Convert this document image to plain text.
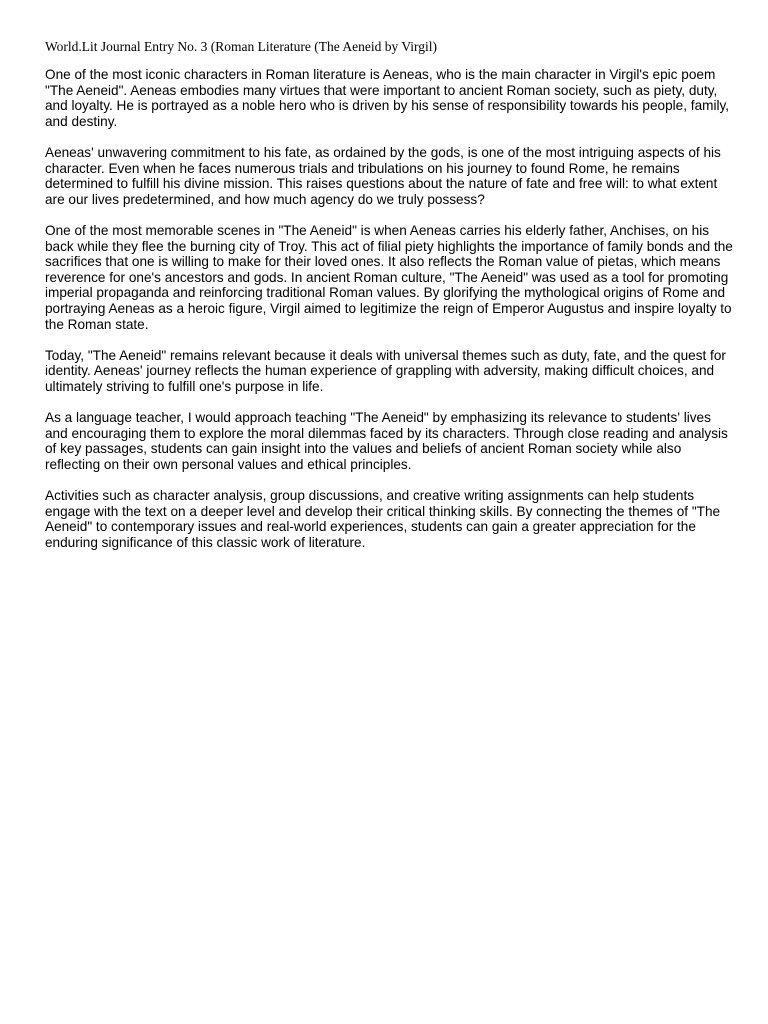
World.Lit Journal Entry No. 3 (Roman Literature (The Aeneid by Virgil)

One of the most iconic characters in Roman literature is Aeneas, who is the main character in Virgil's epic poem "The Aeneid". Aeneas embodies many virtues that were important to ancient Roman society, such as piety, duty, and loyalty. He is portrayed as a noble hero who is driven by his sense of responsibility towards his people, family, and destiny.

Aeneas' unwavering commitment to his fate, as ordained by the gods, is one of the most intriguing aspects of his character. Even when he faces numerous trials and tribulations on his journey to found Rome, he remains determined to fulfill his divine mission. This raises questions about the nature of fate and free will: to what extent are our lives predetermined, and how much agency do we truly possess?

One of the most memorable scenes in "The Aeneid" is when Aeneas carries his elderly father, Anchises, on his back while they flee the burning city of Troy. This act of filial piety highlights the importance of family bonds and the sacrifices that one is willing to make for their loved ones. It also reflects the Roman value of pietas, which means reverence for one's ancestors and gods. In ancient Roman culture, "The Aeneid" was used as a tool for promoting imperial propaganda and reinforcing traditional Roman values. By glorifying the mythological origins of Rome and portraying Aeneas as a heroic figure, Virgil aimed to legitimize the reign of Emperor Augustus and inspire loyalty to the Roman state.

Today, "The Aeneid" remains relevant because it deals with universal themes such as duty, fate, and the quest for identity. Aeneas' journey reflects the human experience of grappling with adversity, making difficult choices, and ultimately striving to fulfill one's purpose in life.

As a language teacher, I would approach teaching "The Aeneid" by emphasizing its relevance to students' lives and encouraging them to explore the moral dilemmas faced by its characters. Through close reading and analysis of key passages, students can gain insight into the values and beliefs of ancient Roman society while also reflecting on their own personal values and ethical principles.

Activities such as character analysis, group discussions, and creative writing assignments can help students engage with the text on a deeper level and develop their critical thinking skills. By connecting the themes of "The Aeneid" to contemporary issues and real-world experiences, students can gain a greater appreciation for the enduring significance of this classic work of literature.
